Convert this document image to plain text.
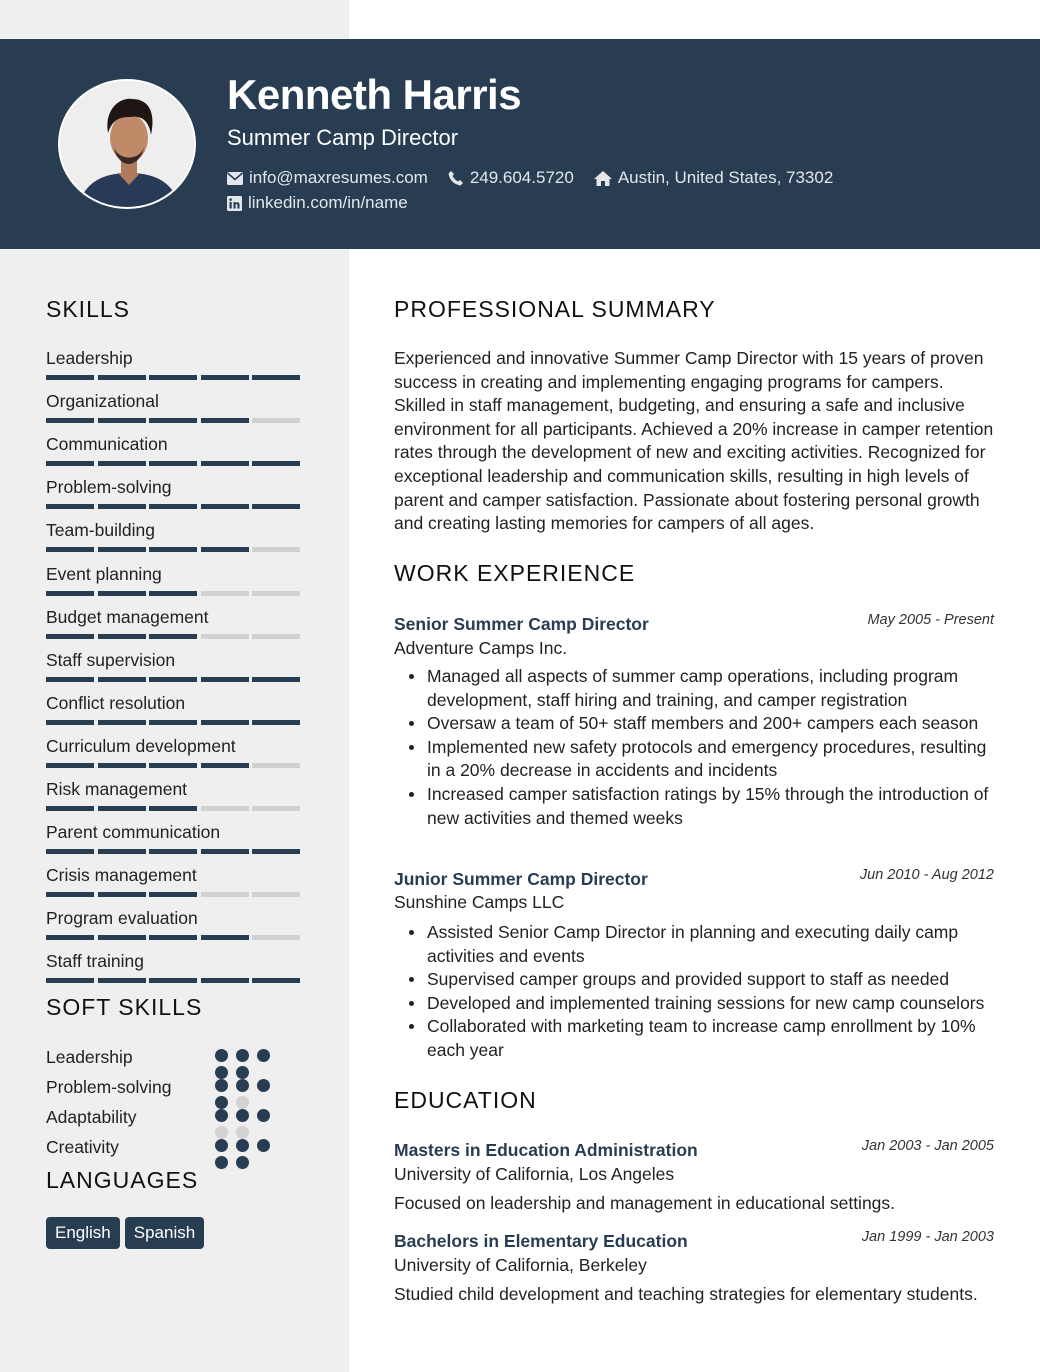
Kenneth Harris
Summer Camp Director
info@maxresumes.com 249.604.5720	Austin, United States, 73302
linkedin.com/in/name
SKILLS
Leadership
Organizational
Communication
Problem-solving
Team-building
Event planning
Budget management
Staff supervision
Conflict resolution
Curriculum development
Risk management
Parent communication
Crisis management
Program evaluation
Staff training
SOFT SKILLS
Leadership
Problem-solving
Adaptability
Creativity
LANGUAGES
English	Spanish
PROFESSIONAL SUMMARY
Experienced and innovative Summer Camp Director with 15 years of proven success in creating and implementing engaging programs for campers. Skilled in staff management, budgeting, and ensuring a safe and inclusive environment for all participants. Achieved a 20% increase in camper retention rates through the development of new and exciting activities. Recognized for exceptional leadership and communication skills, resulting in high levels of parent and camper satisfaction. Passionate about fostering personal growth and creating lasting memories for campers of all ages.
WORK EXPERIENCE
Senior Summer Camp Director	May 2005 - Present
Adventure Camps Inc.
Managed all aspects of summer camp operations, including program development, staff hiring and training, and camper registration
Oversaw a team of 50+ staff members and 200+ campers each season
Implemented new safety protocols and emergency procedures, resulting in a 20% decrease in accidents and incidents
Increased camper satisfaction ratings by 15% through the introduction of new activities and themed weeks
Junior Summer Camp Director	Jun 2010 - Aug 2012
Sunshine Camps LLC
Assisted Senior Camp Director in planning and executing daily camp activities and events
Supervised camper groups and provided support to staff as needed
Developed and implemented training sessions for new camp counselors
Collaborated with marketing team to increase camp enrollment by 10% each year
EDUCATION
Masters in Education Administration	Jan 2003 - Jan 2005
University of California, Los Angeles
Focused on leadership and management in educational settings.
Bachelors in Elementary Education	Jan 1999 - Jan 2003
University of California, Berkeley
Studied child development and teaching strategies for elementary students.
